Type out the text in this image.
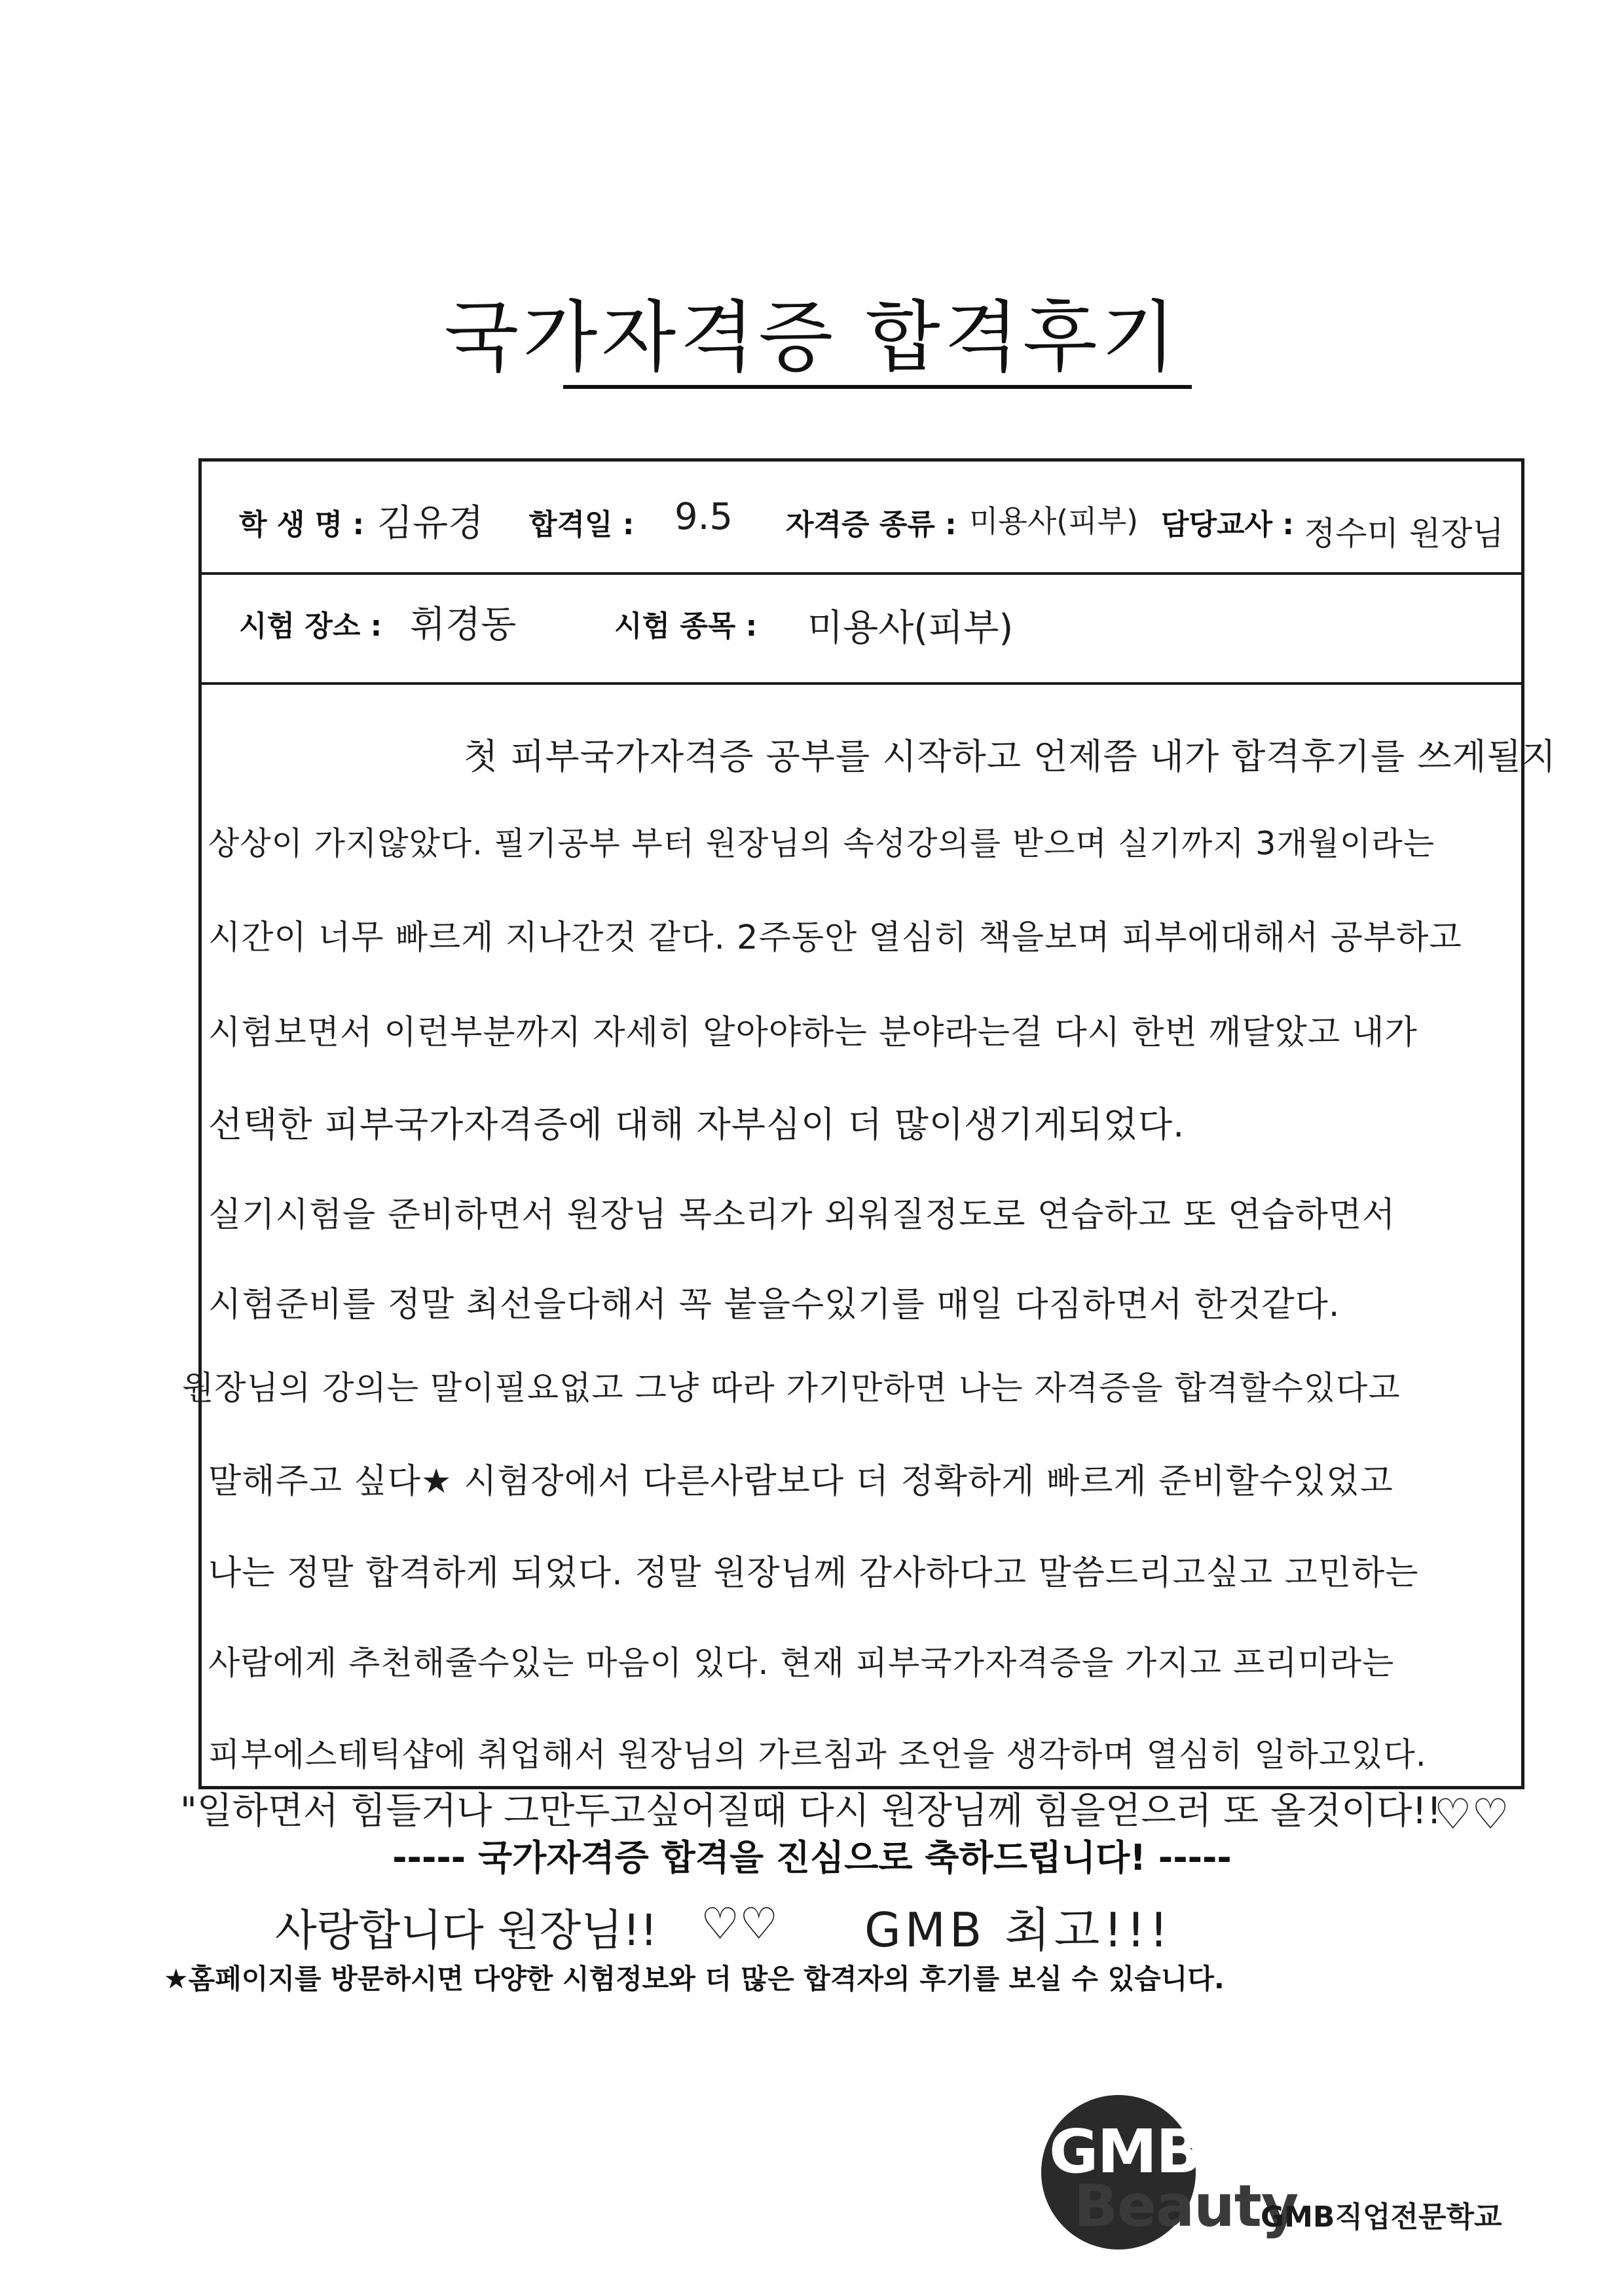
국가자격증 합격후기
학 생 명 : 김유경 합격일 : 9.5 자격증 종류 : 미용사(피부) 담당교사 : 정수미 원장님
시험 장소 : 휘경동	시험 종목 : 미용사(피부)
첫 피부국가자격증 공부를 시작하고 언제쯤 내가 합격후기를 쓰게될지
상상이 가지않았다. 필기공부 부터 원장님의 속성강의를 받으며 실기까지 3개월이라는
시간이 너무 빠르게 지나간것 같다. 2주동안 열심히 책을보며 피부에대해서 공부하고
시험보면서 이런부분까지 자세히 알아야하는 분야라는걸 다시 한번 깨달았고 내가
선택한 피부국가자격증에 대해 자부심이 더 많이생기게되었다.
실기시험을 준비하면서 원장님 목소리가 외워질정도로 연습하고 또 연습하면서
시험준비를 정말 최선을다해서 꼭 붙을수있기를 매일 다짐하면서 한것같다.
원장님의 강의는 말이필요없고 그냥 따라 가기만하면 나는 자격증을 합격할수있다고
말해주고 싶다★ 시험장에서 다른사람보다 더 정확하게 빠르게 준비할수있었고
나는 정말 합격하게 되었다. 정말 원장님께 감사하다고 말씀드리고싶고 고민하는
사람에게 추천해줄수있는 마음이 있다. 현재 피부국가자격증을 가지고 프리미라는
피부에스테틱샵에 취업해서 원장님의 가르침과 조언을 생각하며 열심히 일하고있다.
"일하면서 힘들거나 그만두고싶어질때 다시 원장님께 힘을얻으러 또 올것이다!!
♡♡
----- 국가자격증 합격을 진심으로 축하드립니다! -----
사랑합니다 원장님!! ♡♡ GMB 최고!!!
★홈페이지를 방문하시면 다양한 시험정보와 더 많은 합격자의 후기를 보실 수 있습니다.
GMB
Beauty
GMB직업전문학교
